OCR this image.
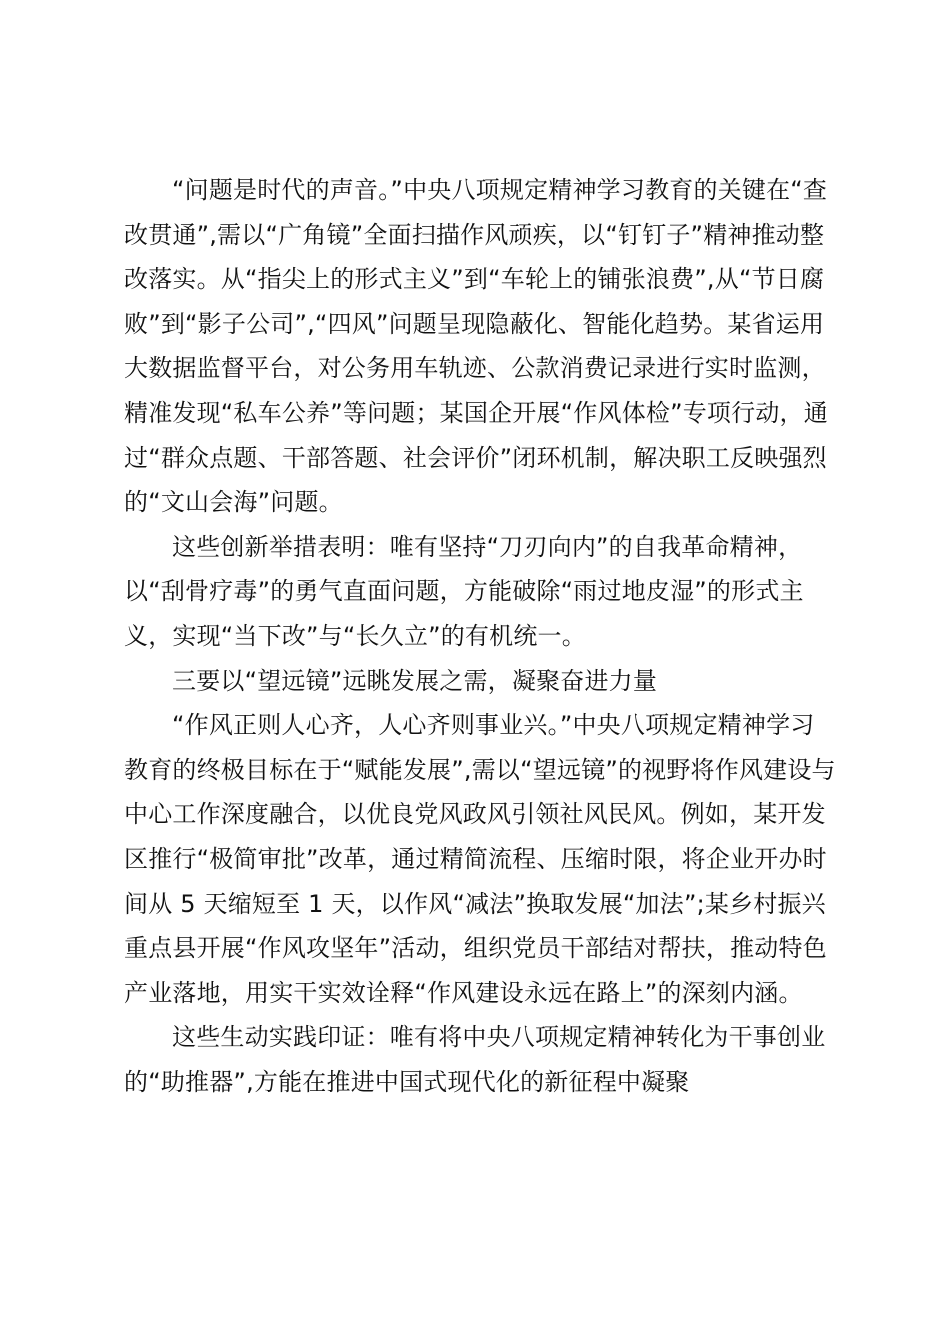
“问题是时代的声音。”中央八项规定精神学习教育的关键在“查改贯通”,需以“广角镜”全面扫描作风顽疾，以“钉钉子”精神推动整改落实。从“指尖上的形式主义”到“车轮上的铺张浪费”,从“节日腐败”到“影子公司”,“四风”问题呈现隐蔽化、智能化趋势。某省运用大数据监督平台，对公务用车轨迹、公款消费记录进行实时监测，精准发现“私车公养”等问题；某国企开展“作风体检”专项行动，通过“群众点题、干部答题、社会评价”闭环机制，解决职工反映强烈的“文山会海”问题。

这些创新举措表明：唯有坚持“刀刃向内”的自我革命精神，以“刮骨疗毒”的勇气直面问题，方能破除“雨过地皮湿”的形式主义，实现“当下改”与“长久立”的有机统一。

三要以“望远镜”远眺发展之需，凝聚奋进力量

“作风正则人心齐，人心齐则事业兴。”中央八项规定精神学习教育的终极目标在于“赋能发展”,需以“望远镜”的视野将作风建设与中心工作深度融合，以优良党风政风引领社风民风。例如，某开发区推行“极简审批”改革，通过精简流程、压缩时限，将企业开办时间从 5 天缩短至 1 天，以作风“减法”换取发展“加法”;某乡村振兴重点县开展“作风攻坚年”活动，组织党员干部结对帮扶，推动特色产业落地，用实干实效诠释“作风建设永远在路上”的深刻内涵。

这些生动实践印证：唯有将中央八项规定精神转化为干事创业的“助推器”,方能在推进中国式现代化的新征程中凝聚
